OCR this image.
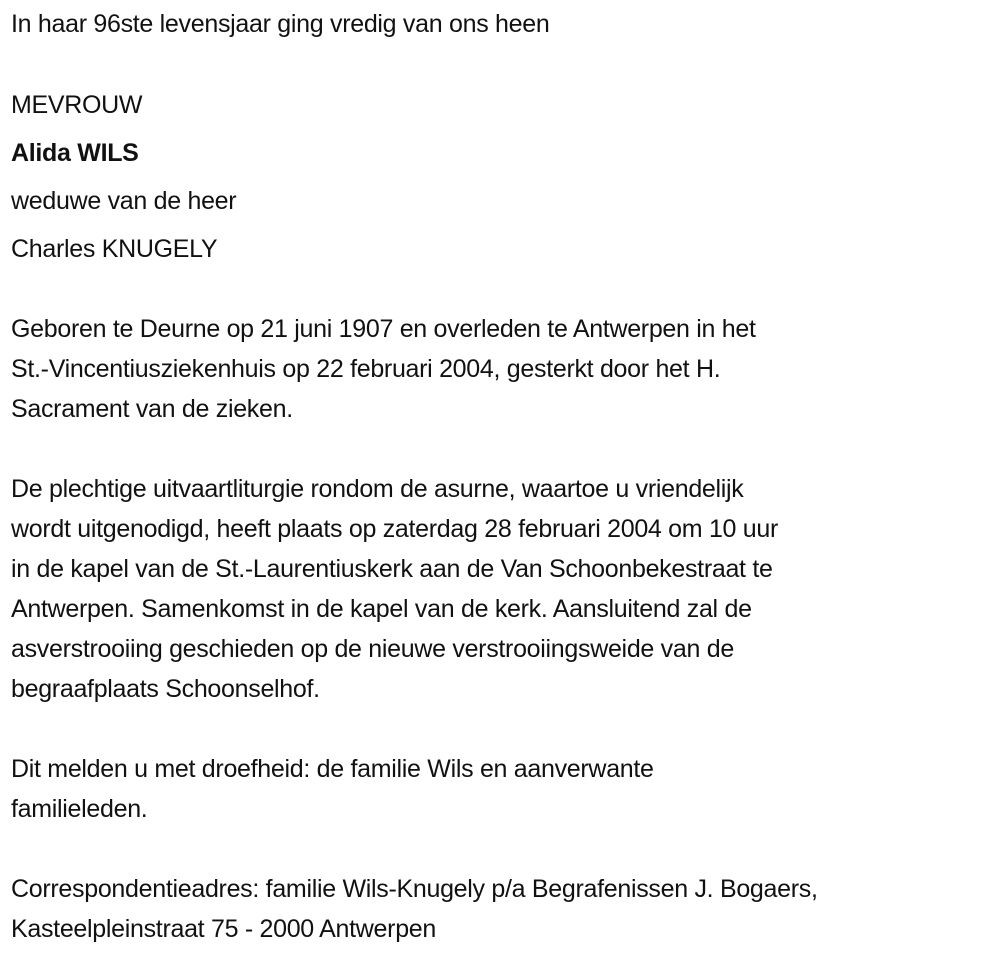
In haar 96ste levensjaar ging vredig van ons heen
MEVROUW
Alida WILS
weduwe van de heer
Charles KNUGELY
Geboren te Deurne op 21 juni 1907 en overleden te Antwerpen in het
St.-Vincentiusziekenhuis op 22 februari 2004, gesterkt door het H.
Sacrament van de zieken.
De plechtige uitvaartliturgie rondom de asurne, waartoe u vriendelijk
wordt uitgenodigd, heeft plaats op zaterdag 28 februari 2004 om 10 uur
in de kapel van de St.-Laurentiuskerk aan de Van Schoonbekestraat te
Antwerpen. Samenkomst in de kapel van de kerk. Aansluitend zal de
asverstrooiing geschieden op de nieuwe verstrooiingsweide van de
begraafplaats Schoonselhof.
Dit melden u met droefheid: de familie Wils en aanverwante
familieleden.
Correspondentieadres: familie Wils-Knugely p/a Begrafenissen J. Bogaers,
Kasteelpleinstraat 75 - 2000 Antwerpen
